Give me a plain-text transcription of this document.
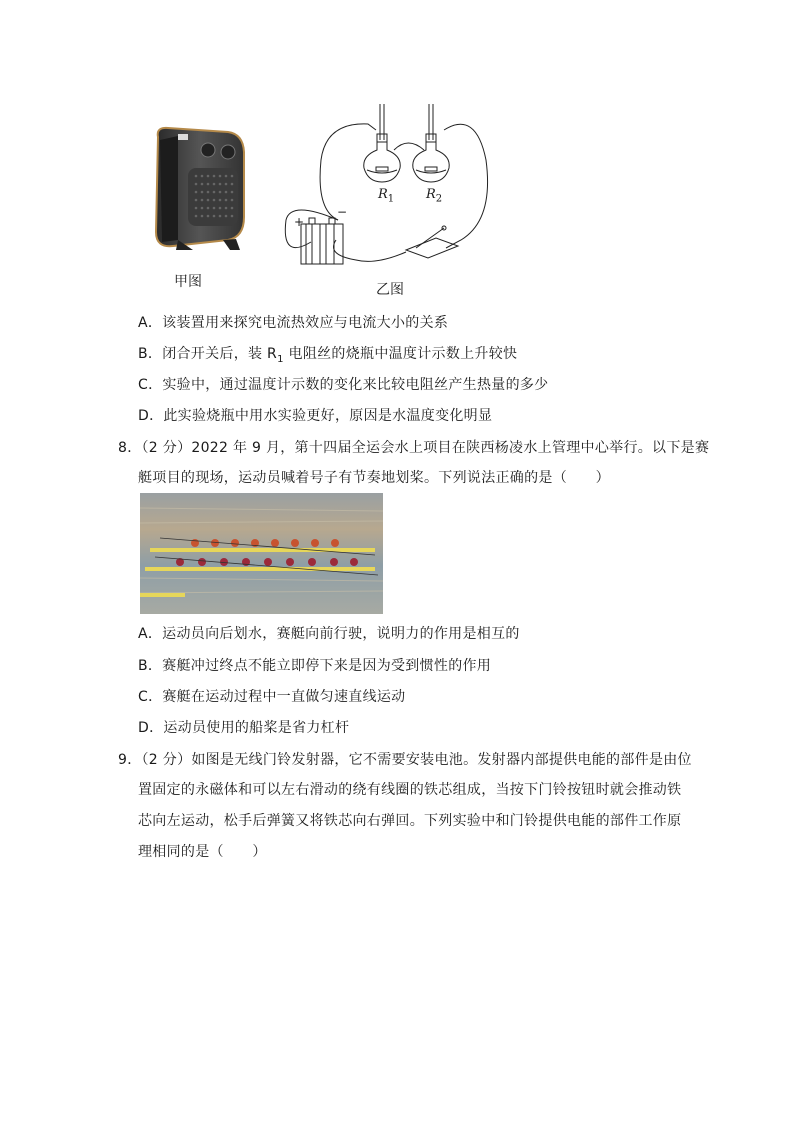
甲图
$R_1$ $R_2$
+
−
乙图
A．该装置用来探究电流热效应与电流大小的关系
B．闭合开关后，装 $R_1$ 电阻丝的烧瓶中温度计示数上升较快
C．实验中，通过温度计示数的变化来比较电阻丝产生热量的多少
D．此实验烧瓶中用水实验更好，原因是水温度变化明显
8．（2 分）2022 年 9 月，第十四届全运会水上项目在陕西杨凌水上管理中心举行。以下是赛
艇项目的现场，运动员喊着号子有节奏地划桨。下列说法正确的是（　　）
A．运动员向后划水，赛艇向前行驶，说明力的作用是相互的
B．赛艇冲过终点不能立即停下来是因为受到惯性的作用
C．赛艇在运动过程中一直做匀速直线运动
D．运动员使用的船桨是省力杠杆
9．（2 分）如图是无线门铃发射器，它不需要安装电池。发射器内部提供电能的部件是由位
置固定的永磁体和可以左右滑动的绕有线圈的铁芯组成，当按下门铃按钮时就会推动铁
芯向左运动，松手后弹簧又将铁芯向右弹回。下列实验中和门铃提供电能的部件工作原
理相同的是（　　）
